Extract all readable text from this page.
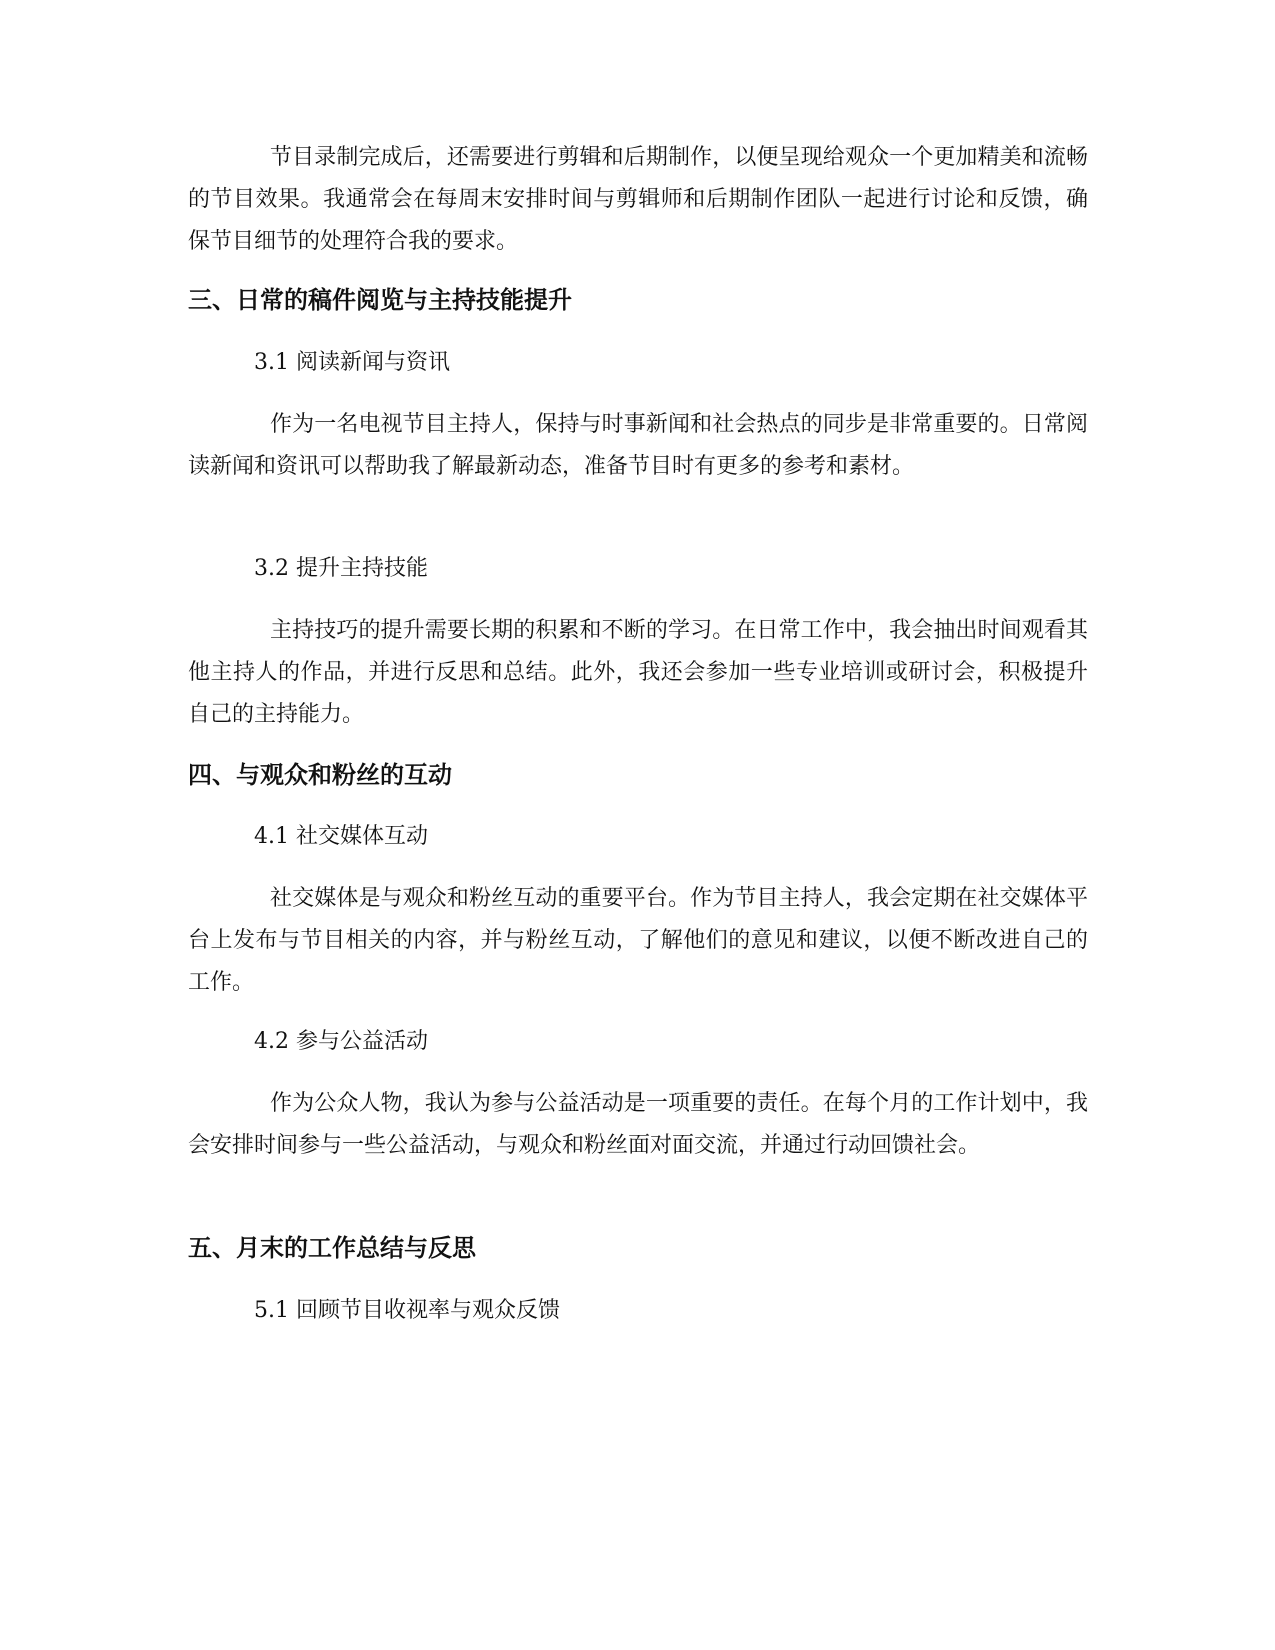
节目录制完成后，还需要进行剪辑和后期制作，以便呈现给观众一个更加精美和流畅的节目效果。我通常会在每周末安排时间与剪辑师和后期制作团队一起进行讨论和反馈，确保节目细节的处理符合我的要求。

三、日常的稿件阅览与主持技能提升
3.1 阅读新闻与资讯

作为一名电视节目主持人，保持与时事新闻和社会热点的同步是非常重要的。日常阅读新闻和资讯可以帮助我了解最新动态，准备节目时有更多的参考和素材。

3.2 提升主持技能

主持技巧的提升需要长期的积累和不断的学习。在日常工作中，我会抽出时间观看其他主持人的作品，并进行反思和总结。此外，我还会参加一些专业培训或研讨会，积极提升自己的主持能力。

四、与观众和粉丝的互动
4.1 社交媒体互动

社交媒体是与观众和粉丝互动的重要平台。作为节目主持人，我会定期在社交媒体平台上发布与节目相关的内容，并与粉丝互动，了解他们的意见和建议，以便不断改进自己的工作。

4.2 参与公益活动

作为公众人物，我认为参与公益活动是一项重要的责任。在每个月的工作计划中，我会安排时间参与一些公益活动，与观众和粉丝面对面交流，并通过行动回馈社会。

五、月末的工作总结与反思
5.1 回顾节目收视率与观众反馈
